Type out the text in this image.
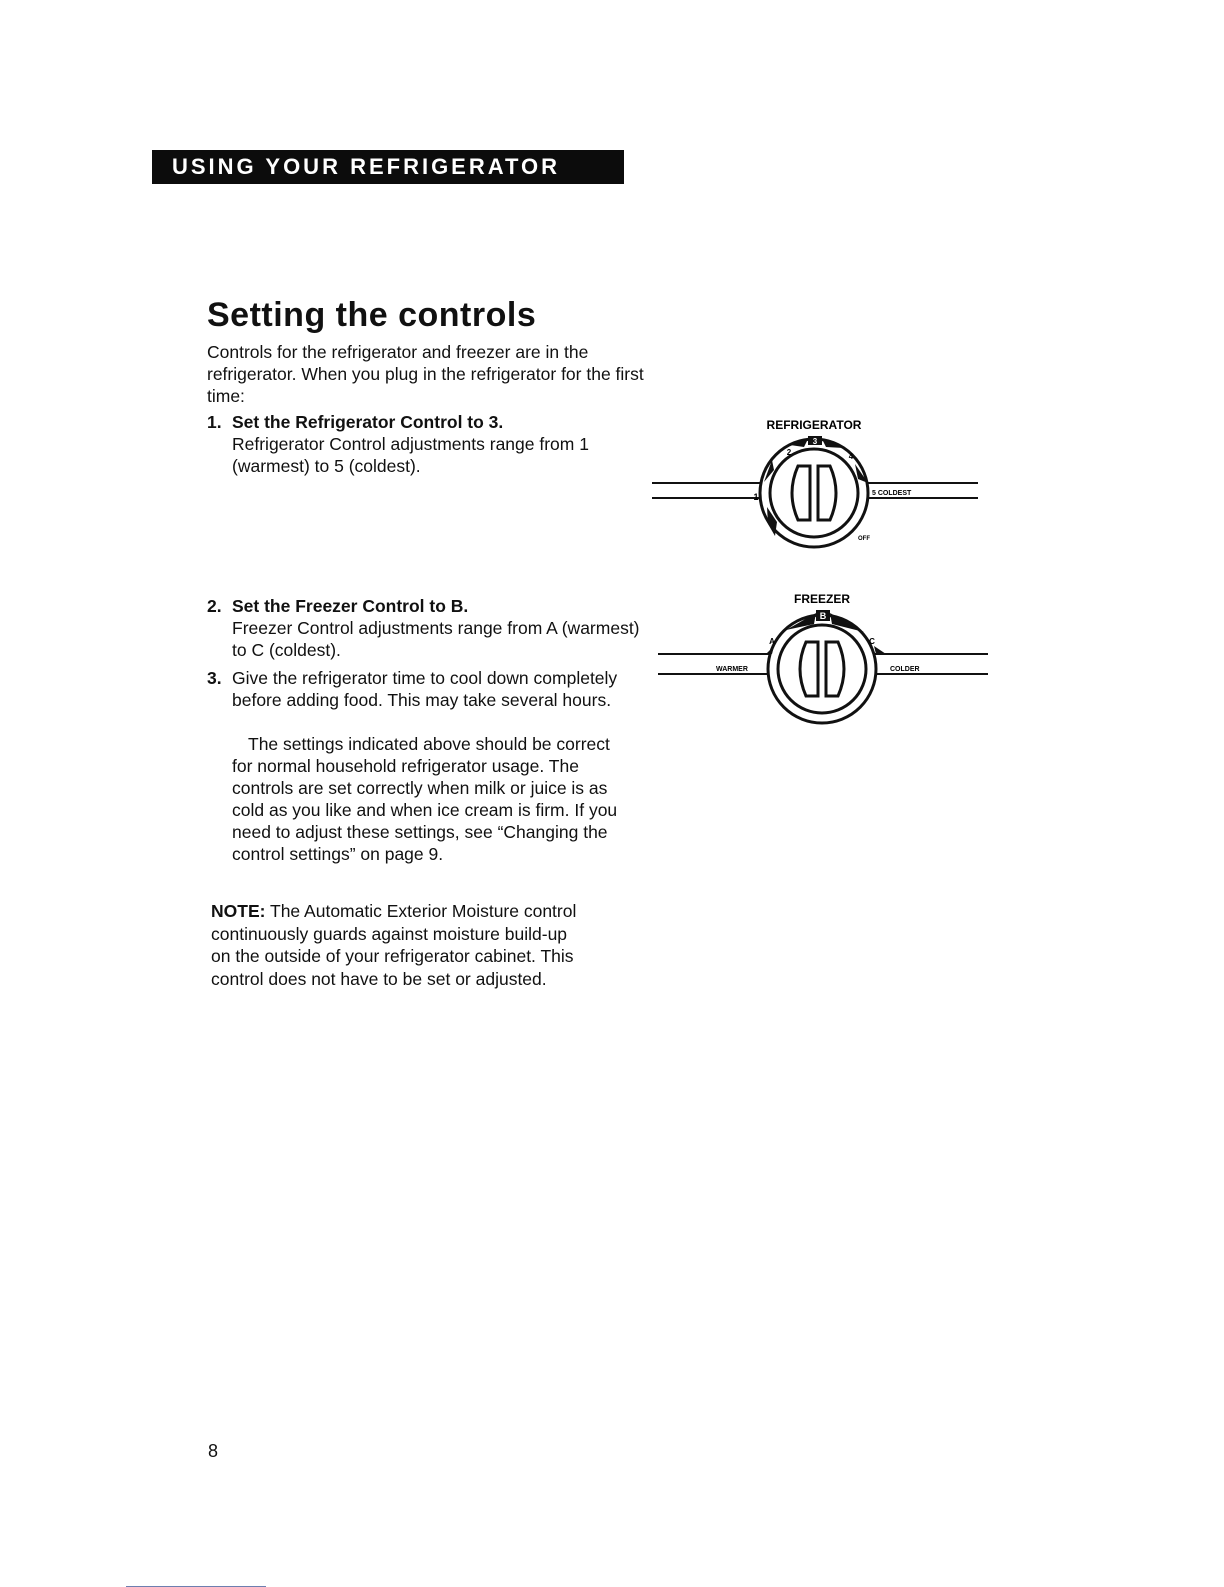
USING YOUR REFRIGERATOR
Setting the controls

Controls for the refrigerator and freezer are in the refrigerator. When you plug in the refrigerator for the first time:

1. Set the Refrigerator Control to 3.

Refrigerator Control adjustments range from 1 (warmest) to 5 (coldest).

2. Set the Freezer Control to B.

Freezer Control adjustments range from A (warmest) to C (coldest).

3. Give the refrigerator time to cool down completely before adding food. This may take several hours.

The settings indicated above should be correct for normal household refrigerator usage. The controls are set correctly when milk or juice is as cold as you like and when ice cream is firm. If you need to adjust these settings, see “Changing the control settings” on page 9.

NOTE: The Automatic Exterior Moisture control continuously guards against moisture build-up on the outside of your refrigerator cabinet. This control does not have to be set or adjusted.

REFRIGERATOR
3
1
2	4
5 COLDEST
OFF
FREEZER
B
A	C
WARMER	COLDER
8
